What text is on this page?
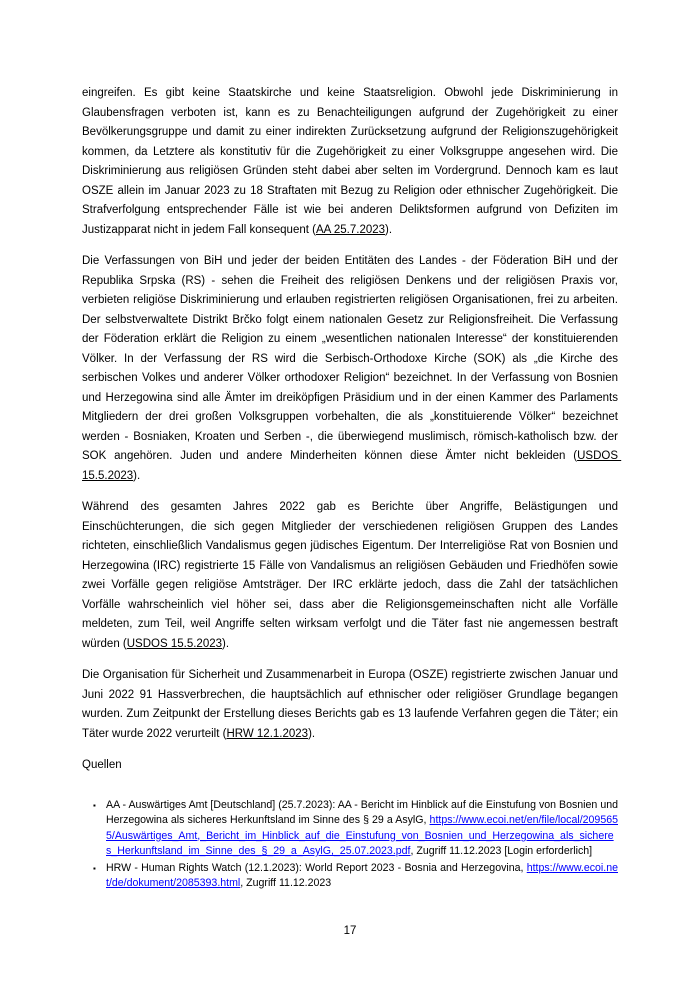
eingreifen. Es gibt keine Staatskirche und keine Staatsreligion. Obwohl jede Diskriminierung in Glaubensfragen verboten ist, kann es zu Benachteiligungen aufgrund der Zugehörigkeit zu einer Bevölkerungsgruppe und damit zu einer indirekten Zurücksetzung aufgrund der Religionszugehörigkeit kommen, da Letztere als konstitutiv für die Zugehörigkeit zu einer Volksgruppe angesehen wird. Die Diskriminierung aus religiösen Gründen steht dabei aber selten im Vordergrund. Dennoch kam es laut OSZE allein im Januar 2023 zu 18 Straftaten mit Bezug zu Religion oder ethnischer Zugehörigkeit. Die Strafverfolgung entsprechender Fälle ist wie bei anderen Deliktsformen aufgrund von Defiziten im Justizapparat nicht in jedem Fall konsequent (AA 25.7.2023).

Die Verfassungen von BiH und jeder der beiden Entitäten des Landes - der Föderation BiH und der Republika Srpska (RS) - sehen die Freiheit des religiösen Denkens und der religiösen Praxis vor, verbieten religiöse Diskriminierung und erlauben registrierten religiösen Organisationen, frei zu arbeiten. Der selbstverwaltete Distrikt Brčko folgt einem nationalen Gesetz zur Religionsfreiheit. Die Verfassung der Föderation erklärt die Religion zu einem „wesentlichen nationalen Interesse“ der konstituierenden Völker. In der Verfassung der RS wird die Serbisch-Orthodoxe Kirche (SOK) als „die Kirche des serbischen Volkes und anderer Völker orthodoxer Religion“ bezeichnet. In der Verfassung von Bosnien und Herzegowina sind alle Ämter im dreiköpfigen Präsidium und in der einen Kammer des Parlaments Mitgliedern der drei großen Volksgruppen vorbehalten, die als „konstituierende Völker“ bezeichnet werden - Bosniaken, Kroaten und Serben -, die überwiegend muslimisch, römisch-katholisch bzw. der SOK angehören. Juden und andere Minderheiten können diese Ämter nicht bekleiden (USDOS 15.5.2023).

Während des gesamten Jahres 2022 gab es Berichte über Angriffe, Belästigungen und Einschüchterungen, die sich gegen Mitglieder der verschiedenen religiösen Gruppen des Landes richteten, einschließlich Vandalismus gegen jüdisches Eigentum. Der Interreligiöse Rat von Bosnien und Herzegowina (IRC) registrierte 15 Fälle von Vandalismus an religiösen Gebäuden und Friedhöfen sowie zwei Vorfälle gegen religiöse Amtsträger. Der IRC erklärte jedoch, dass die Zahl der tatsächlichen Vorfälle wahrscheinlich viel höher sei, dass aber die Religionsgemeinschaften nicht alle Vorfälle meldeten, zum Teil, weil Angriffe selten wirksam verfolgt und die Täter fast nie angemessen bestraft würden (USDOS 15.5.2023).

Die Organisation für Sicherheit und Zusammenarbeit in Europa (OSZE) registrierte zwischen Januar und Juni 2022 91 Hassverbrechen, die hauptsächlich auf ethnischer oder religiöser Grundlage begangen wurden. Zum Zeitpunkt der Erstellung dieses Berichts gab es 13 laufende Verfahren gegen die Täter; ein Täter wurde 2022 verurteilt (HRW 12.1.2023).

Quellen

▪ AA - Auswärtiges Amt [Deutschland] (25.7.2023): AA - Bericht im Hinblick auf die Einstufung von Bosnien und Herzegowina als sicheres Herkunftsland im Sinne des § 29 a AsylG, https://www.ecoi.net/en/file/local/2095655/Auswärtiges_Amt,_Bericht_im_Hinblick_auf_die_Einstufung_von_Bosnien_und_Herzegowina_als_sicheres_Herkunftsland_im_Sinne_des_§_29_a_AsylG,_25.07.2023.pdf, Zugriff 11.12.2023 [Login erforderlich]
▪ HRW - Human Rights Watch (12.1.2023): World Report 2023 - Bosnia and Herzegovina, https://www.ecoi.net/de/dokument/2085393.html, Zugriff 11.12.2023
17
